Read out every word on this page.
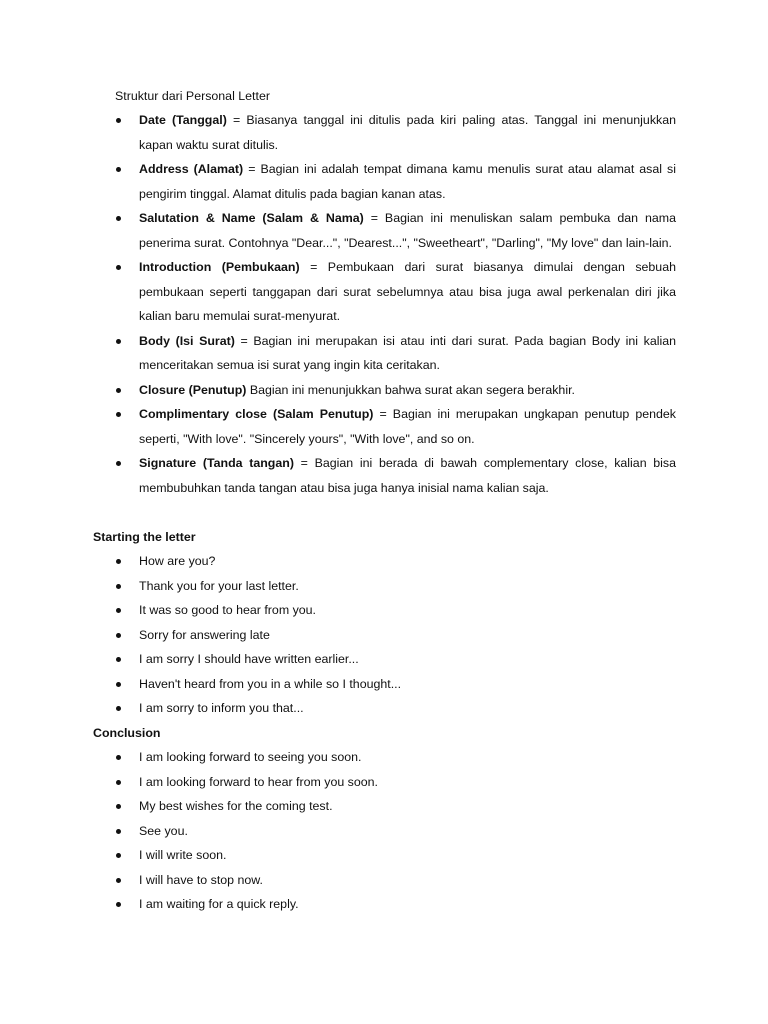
Struktur dari Personal Letter
Date (Tanggal) = Biasanya tanggal ini ditulis pada kiri paling atas. Tanggal ini menunjukkan kapan waktu surat ditulis.
Address (Alamat) = Bagian ini adalah tempat dimana kamu menulis surat atau alamat asal si pengirim tinggal. Alamat ditulis pada bagian kanan atas.
Salutation & Name (Salam & Nama) = Bagian ini menuliskan salam pembuka dan nama penerima surat. Contohnya "Dear...", "Dearest...", "Sweetheart", "Darling", "My love" dan lain-lain.
Introduction (Pembukaan) = Pembukaan dari surat biasanya dimulai dengan sebuah pembukaan seperti tanggapan dari surat sebelumnya atau bisa juga awal perkenalan diri jika kalian baru memulai surat-menyurat.
Body (Isi Surat) = Bagian ini merupakan isi atau inti dari surat. Pada bagian Body ini kalian menceritakan semua isi surat yang ingin kita ceritakan.
Closure (Penutup) Bagian ini menunjukkan bahwa surat akan segera berakhir.
Complimentary close (Salam Penutup) = Bagian ini merupakan ungkapan penutup pendek seperti, "With love". "Sincerely yours", "With love", and so on.
Signature (Tanda tangan) = Bagian ini berada di bawah complementary close, kalian bisa membubuhkan tanda tangan atau bisa juga hanya inisial nama kalian saja.
Starting the letter
How are you?
Thank you for your last letter.
It was so good to hear from you.
Sorry for answering late
I am sorry I should have written earlier...
Haven't heard from you in a while so I thought...
I am sorry to inform you that...
Conclusion
I am looking forward to seeing you soon.
I am looking forward to hear from you soon.
My best wishes for the coming test.
See you.
I will write soon.
I will have to stop now.
I am waiting for a quick reply.
